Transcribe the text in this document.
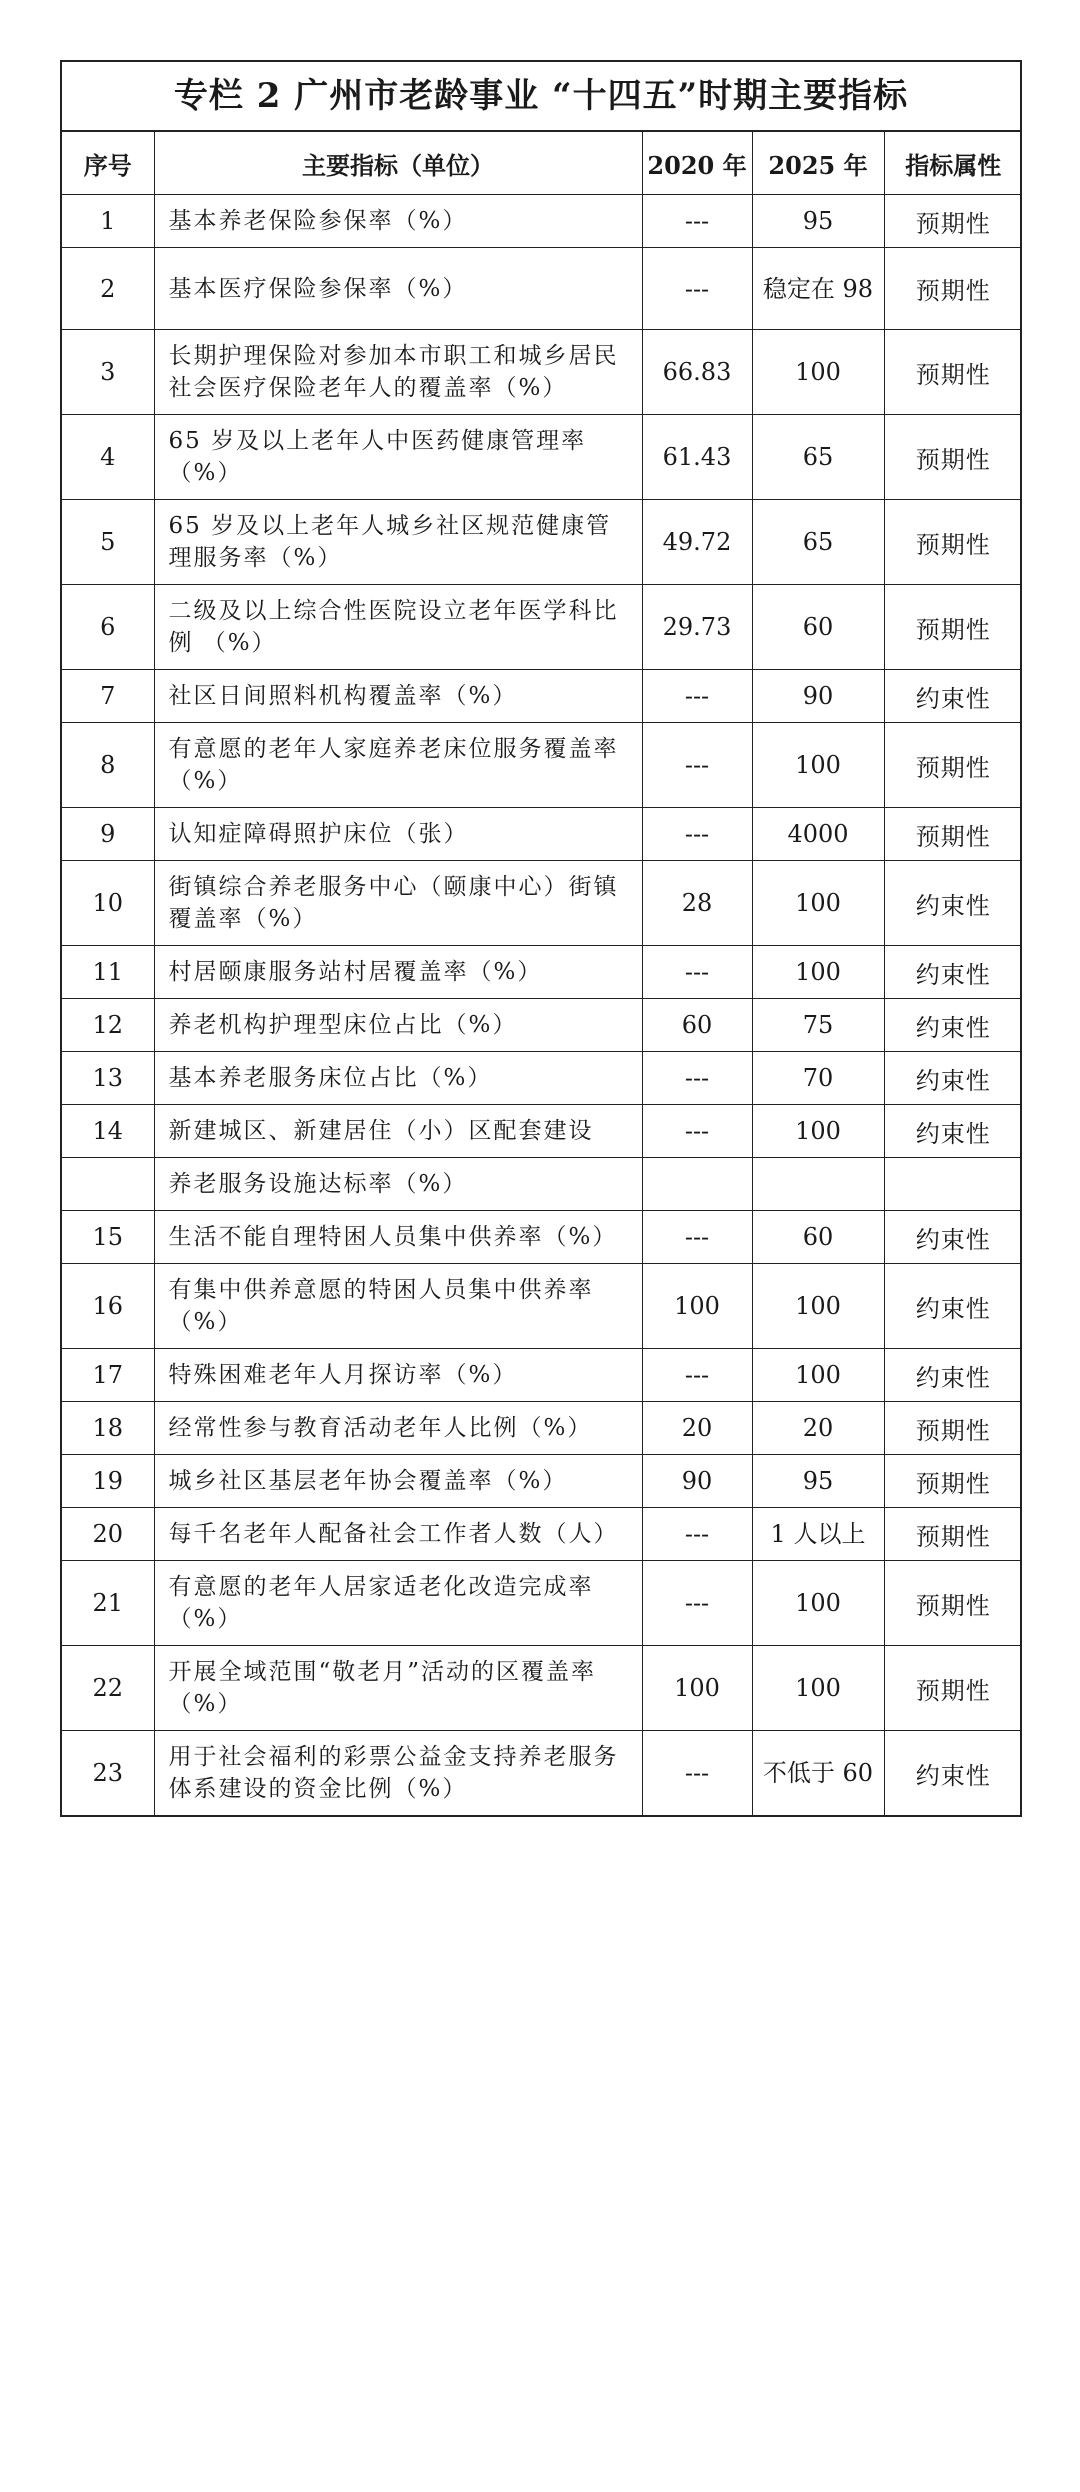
专栏 2 广州市老龄事业 “十四五”时期主要指标
序号	主要指标（单位）	2020 年	2025 年	指标属性
1	基本养老保险参保率（%）	---	95	预期性
2	基本医疗保险参保率（%）	---	稳定在 98	预期性
3	长期护理保险对参加本市职工和城乡居民社会医疗保险老年人的覆盖率（%）	66.83	100	预期性
4	65 岁及以上老年人中医药健康管理率（%）	61.43	65	预期性
5	65 岁及以上老年人城乡社区规范健康管理服务率（%）	49.72	65	预期性
6	二级及以上综合性医院设立老年医学科比例 （%）	29.73	60	预期性
7	社区日间照料机构覆盖率（%）	---	90	约束性
8	有意愿的老年人家庭养老床位服务覆盖率（%）	---	100	预期性
9	认知症障碍照护床位（张）	---	4000	预期性
10	街镇综合养老服务中心（颐康中心）街镇覆盖率（%）	28	100	约束性
11	村居颐康服务站村居覆盖率（%）	---	100	约束性
12	养老机构护理型床位占比（%）	60	75	约束性
13	基本养老服务床位占比（%）	---	70	约束性
14	新建城区、新建居住（小）区配套建设	---	100	约束性
	养老服务设施达标率（%）			
15	生活不能自理特困人员集中供养率（%）	---	60	约束性
16	有集中供养意愿的特困人员集中供养率（%）	100	100	约束性
17	特殊困难老年人月探访率（%）	---	100	约束性
18	经常性参与教育活动老年人比例（%）	20	20	预期性
19	城乡社区基层老年协会覆盖率（%）	90	95	预期性
20	每千名老年人配备社会工作者人数（人）	---	1 人以上	预期性
21	有意愿的老年人居家适老化改造完成率（%）	---	100	预期性
22	开展全域范围“敬老月”活动的区覆盖率（%）	100	100	预期性
23	用于社会福利的彩票公益金支持养老服务体系建设的资金比例（%）	---	不低于 60	约束性
